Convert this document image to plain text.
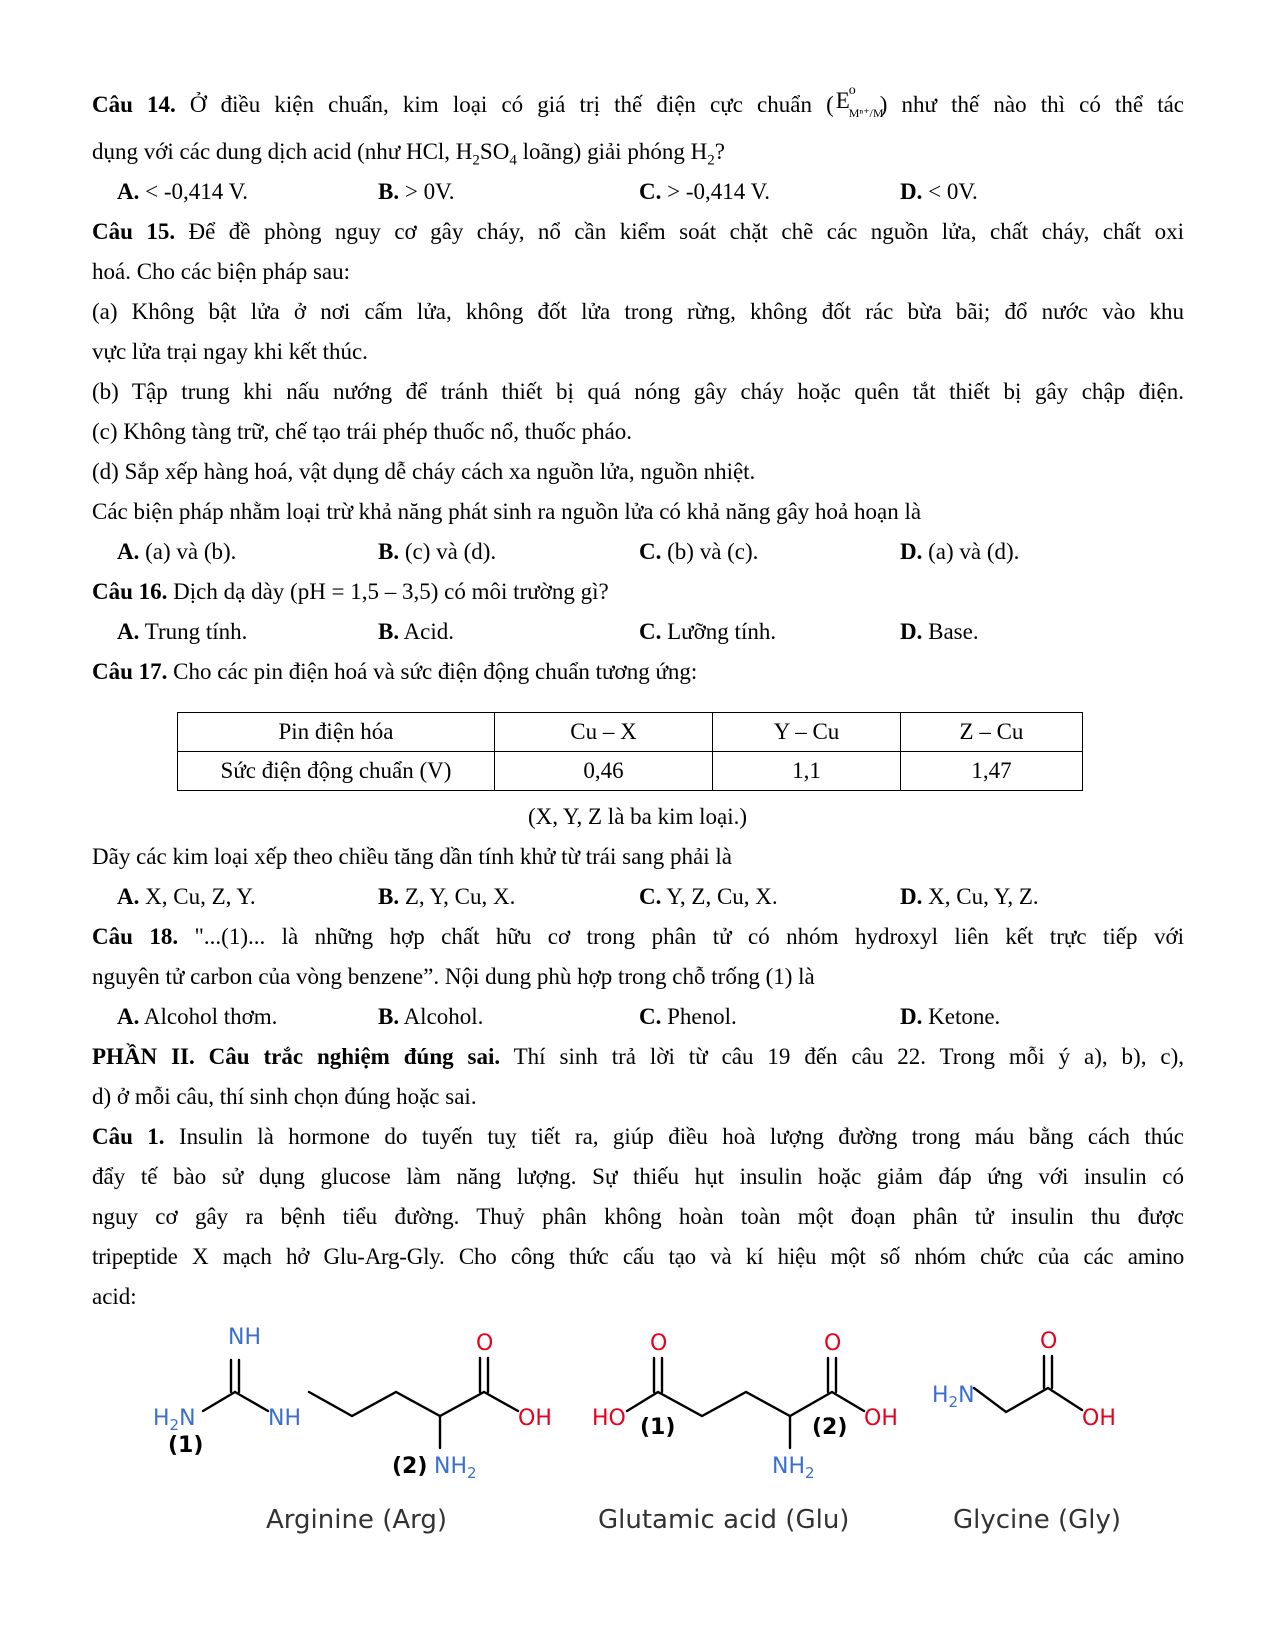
Câu 14. Ở điều kiện chuẩn, kim loại có giá trị thế điện cực chuẩn ( E
o
Mⁿ⁺/M
) như thế nào thì có thể tác
dụng với các dung dịch acid (như HCl, $H_2SO_4$ loãng) giải phóng $H_2$?
A. < -0,414 V.	B. > 0V.	C. > -0,414 V.	D. < 0V.
Câu 15. Để đề phòng nguy cơ gây cháy, nổ cần kiểm soát chặt chẽ các nguồn lửa, chất cháy, chất oxi
hoá. Cho các biện pháp sau:
(a) Không bật lửa ở nơi cấm lửa, không đốt lửa trong rừng, không đốt rác bừa bãi; đổ nước vào khu
vực lửa trại ngay khi kết thúc.
(b) Tập trung khi nấu nướng để tránh thiết bị quá nóng gây cháy hoặc quên tắt thiết bị gây chập điện.
(c) Không tàng trữ, chế tạo trái phép thuốc nổ, thuốc pháo.
(d) Sắp xếp hàng hoá, vật dụng dễ cháy cách xa nguồn lửa, nguồn nhiệt.
Các biện pháp nhằm loại trừ khả năng phát sinh ra nguồn lửa có khả năng gây hoả hoạn là
A. (a) và (b).	B. (c) và (d).	C. (b) và (c).	D. (a) và (d).
Câu 16. Dịch dạ dày (pH = 1,5 – 3,5) có môi trường gì?
A. Trung tính.	B. Acid.	C. Lưỡng tính.	D. Base.
Câu 17. Cho các pin điện hoá và sức điện động chuẩn tương ứng:
Pin điện hóa	Cu – X	Y – Cu	Z – Cu
Sức điện động chuẩn (V)	0,46	1,1	1,47
(X, Y, Z là ba kim loại.)
Dãy các kim loại xếp theo chiều tăng dần tính khử từ trái sang phải là
A. X, Cu, Z, Y.	B. Z, Y, Cu, X.	C. Y, Z, Cu, X.	D. X, Cu, Y, Z.
Câu 18. "...(1)... là những hợp chất hữu cơ trong phân tử có nhóm hydroxyl liên kết trực tiếp với
nguyên tử carbon của vòng benzene”. Nội dung phù hợp trong chỗ trống (1) là
A. Alcohol thơm.	B. Alcohol.	C. Phenol.	D. Ketone.
PHẦN II. Câu trắc nghiệm đúng sai. Thí sinh trả lời từ câu 19 đến câu 22. Trong mỗi ý a), b), c),
d) ở mỗi câu, thí sinh chọn đúng hoặc sai.
Câu 1. Insulin là hormone do tuyến tuỵ tiết ra, giúp điều hoà lượng đường trong máu bằng cách thúc
đẩy tế bào sử dụng glucose làm năng lượng. Sự thiếu hụt insulin hoặc giảm đáp ứng với insulin có
nguy cơ gây ra bệnh tiểu đường. Thuỷ phân không hoàn toàn một đoạn phân tử insulin thu được
tripeptide X mạch hở Glu-Arg-Gly. Cho công thức cấu tạo và kí hiệu một số nhóm chức của các amino
acid:
NH
$H_2N$	NH
O
OH
$NH_2$
(1)
(2)
O	O
HO	OH
$NH_2$
(1)	(2)
O
$H_2N$
OH
Arginine (Arg)	Glutamic acid (Glu)	Glycine (Gly)
